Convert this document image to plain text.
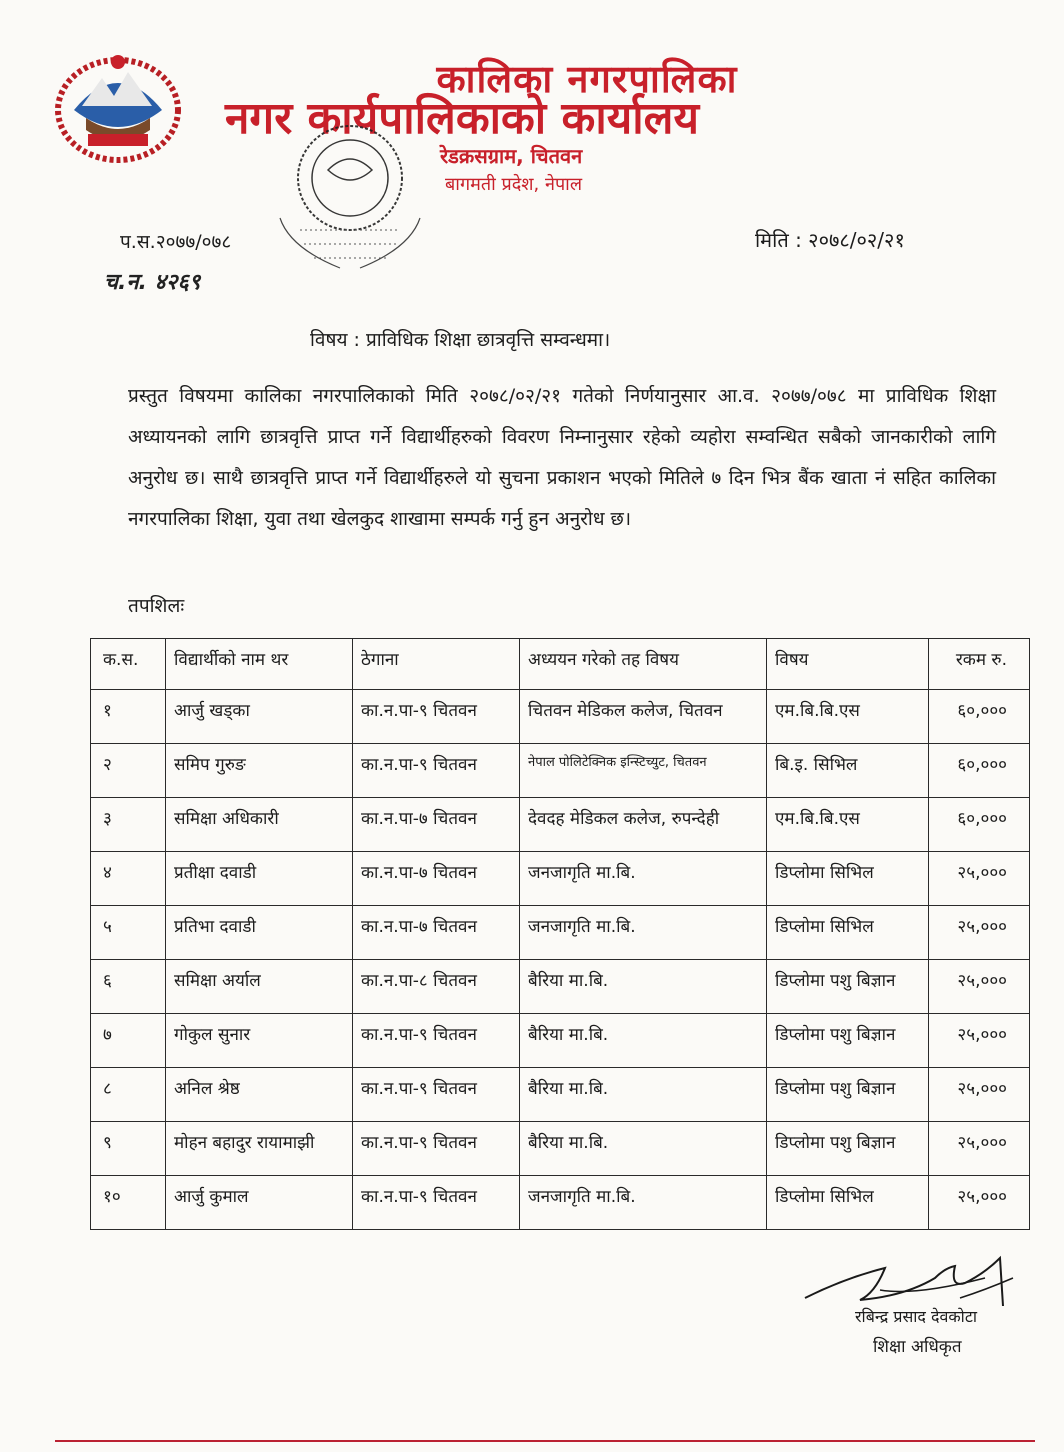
कालिका नगरपालिका
नगर कार्यपालिकाको कार्यालय
रेडक्रसग्राम, चितवन
बागमती प्रदेश, नेपाल
प.स.२०७७/०७८
च.न. ४२६९
मिति : २०७८/०२/२१
विषय : प्राविधिक शिक्षा छात्रवृत्ति सम्वन्धमा।
प्रस्तुत विषयमा कालिका नगरपालिकाको मिति २०७८/०२/२१ गतेको निर्णयानुसार आ.व. २०७७/०७८ मा प्राविधिक शिक्षा अध्यायनको लागि छात्रवृत्ति प्राप्त गर्ने विद्यार्थीहरुको विवरण निम्नानुसार रहेको व्यहोरा सम्वन्धित सबैको जानकारीको लागि अनुरोध छ। साथै छात्रवृत्ति प्राप्त गर्ने विद्यार्थीहरुले यो सुचना प्रकाशन भएको मितिले ७ दिन भित्र बैंक खाता नं सहित कालिका नगरपालिका शिक्षा, युवा तथा खेलकुद शाखामा सम्पर्क गर्नु हुन अनुरोध छ।
तपशिलः
क.स.	विद्यार्थीको नाम थर	ठेगाना	अध्ययन गरेको तह विषय	विषय	रकम रु.
१	आर्जु खड्का	का.न.पा-९ चितवन	चितवन मेडिकल कलेज, चितवन	एम.बि.बि.एस	६०,०००
२	समिप गुरुङ	का.न.पा-९ चितवन	नेपाल पोलिटेक्निक इन्स्टिच्युट, चितवन	बि.इ. सिभिल	६०,०००
३	समिक्षा अधिकारी	का.न.पा-७ चितवन	देवदह मेडिकल कलेज, रुपन्देही	एम.बि.बि.एस	६०,०००
४	प्रतीक्षा दवाडी	का.न.पा-७ चितवन	जनजागृति मा.बि.	डिप्लोमा सिभिल	२५,०००
५	प्रतिभा दवाडी	का.न.पा-७ चितवन	जनजागृति मा.बि.	डिप्लोमा सिभिल	२५,०००
६	समिक्षा अर्याल	का.न.पा-८ चितवन	बैरिया मा.बि.	डिप्लोमा पशु बिज्ञान	२५,०००
७	गोकुल सुनार	का.न.पा-९ चितवन	बैरिया मा.बि.	डिप्लोमा पशु बिज्ञान	२५,०००
८	अनिल श्रेष्ठ	का.न.पा-९ चितवन	बैरिया मा.बि.	डिप्लोमा पशु बिज्ञान	२५,०००
९	मोहन बहादुर रायामाझी	का.न.पा-९ चितवन	बैरिया मा.बि.	डिप्लोमा पशु बिज्ञान	२५,०००
१०	आर्जु कुमाल	का.न.पा-९ चितवन	जनजागृति मा.बि.	डिप्लोमा सिभिल	२५,०००
रबिन्द्र प्रसाद देवकोटा
शिक्षा अधिकृत
